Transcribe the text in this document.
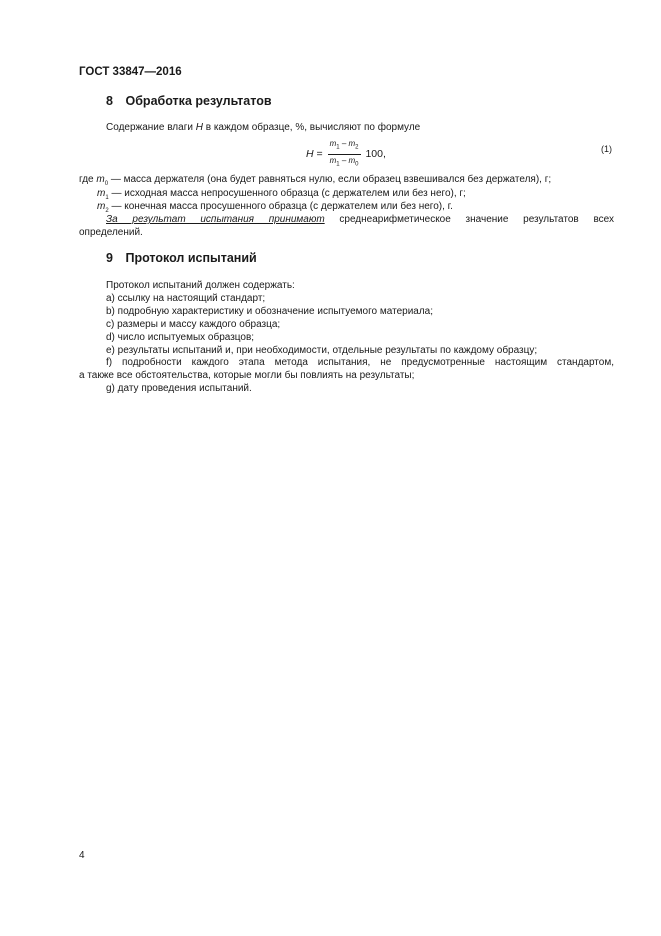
ГОСТ 33847—2016
8 Обработка результатов
Содержание влаги H в каждом образце, %, вычисляют по формуле
$H = \frac{m_1 - m_2}{m_1 - m_0} 100$,	(1)
где $m_0$ — масса держателя (она будет равняться нулю, если образец взвешивался без держателя), г;
$m_1$ — исходная масса непросушенного образца (с держателем или без него), г;
$m_2$ — конечная масса просушенного образца (с держателем или без него), г.
За результат испытания принимают среднеарифметическое значение результатов всех
определений.
9 Протокол испытаний
Протокол испытаний должен содержать:
a) ссылку на настоящий стандарт;
b) подробную характеристику и обозначение испытуемого материала;
c) размеры и массу каждого образца;
d) число испытуемых образцов;
e) результаты испытаний и, при необходимости, отдельные результаты по каждому образцу;
f) подробности каждого этапа метода испытания, не предусмотренные настоящим стандартом,
а также все обстоятельства, которые могли бы повлиять на результаты;
g) дату проведения испытаний.
4
